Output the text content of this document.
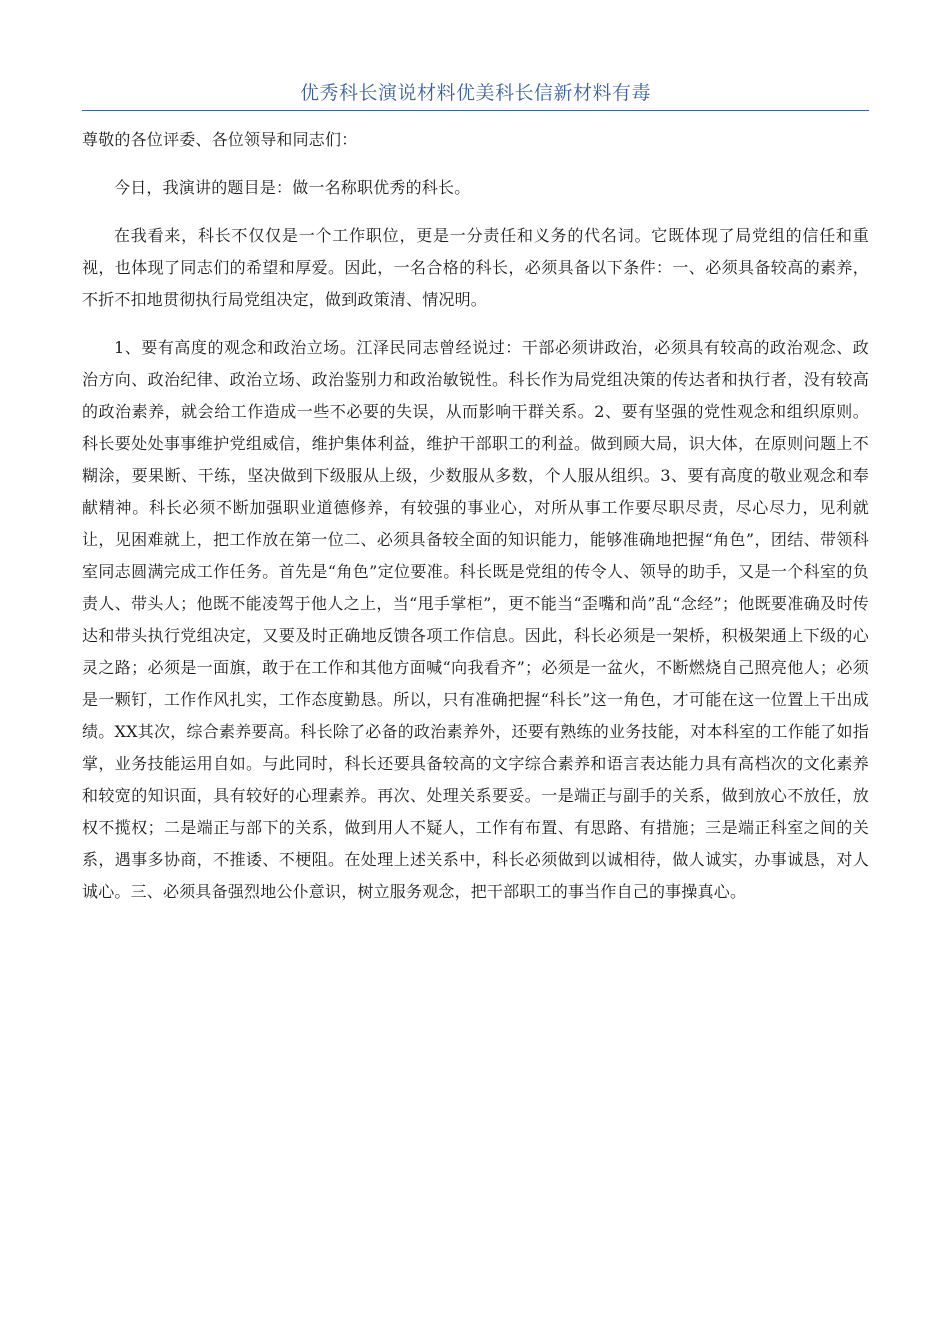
优秀科长演说材料优美科长信新材料有毒

尊敬的各位评委、各位领导和同志们：

今日，我演讲的题目是：做一名称职优秀的科长。

在我看来，科长不仅仅是一个工作职位，更是一分责任和义务的代名词。它既体现了局党组的信任和重视，也体现了同志们的希望和厚爱。因此，一名合格的科长，必须具备以下条件：一、必须具备较高的素养，不折不扣地贯彻执行局党组决定，做到政策清、情况明。

1、要有高度的观念和政治立场。江泽民同志曾经说过：干部必须讲政治，必须具有较高的政治观念、政治方向、政治纪律、政治立场、政治鉴别力和政治敏锐性。科长作为局党组决策的传达者和执行者，没有较高的政治素养，就会给工作造成一些不必要的失误，从而影响干群关系。2、要有坚强的党性观念和组织原则。科长要处处事事维护党组威信，维护集体利益，维护干部职工的利益。做到顾大局，识大体，在原则问题上不糊涂，要果断、干练，坚决做到下级服从上级，少数服从多数，个人服从组织。3、要有高度的敬业观念和奉献精神。科长必须不断加强职业道德修养，有较强的事业心，对所从事工作要尽职尽责，尽心尽力，见利就让，见困难就上，把工作放在第一位二、必须具备较全面的知识能力，能够准确地把握“角色”，团结、带领科室同志圆满完成工作任务。首先是“角色”定位要准。科长既是党组的传令人、领导的助手，又是一个科室的负责人、带头人；他既不能凌驾于他人之上，当“甩手掌柜”，更不能当“歪嘴和尚”乱“念经”；他既要准确及时传达和带头执行党组决定，又要及时正确地反馈各项工作信息。因此，科长必须是一架桥，积极架通上下级的心灵之路；必须是一面旗，敢于在工作和其他方面喊“向我看齐”；必须是一盆火，不断燃烧自己照亮他人；必须是一颗钉，工作作风扎实，工作态度勤恳。所以，只有准确把握“科长”这一角色，才可能在这一位置上干出成绩。XX其次，综合素养要高。科长除了必备的政治素养外，还要有熟练的业务技能，对本科室的工作能了如指掌，业务技能运用自如。与此同时，科长还要具备较高的文字综合素养和语言表达能力具有高档次的文化素养和较宽的知识面，具有较好的心理素养。再次、处理关系要妥。一是端正与副手的关系，做到放心不放任，放权不揽权；二是端正与部下的关系，做到用人不疑人，工作有布置、有思路、有措施；三是端正科室之间的关系，遇事多协商，不推诿、不梗阻。在处理上述关系中，科长必须做到以诚相待，做人诚实，办事诚恳，对人诚心。三、必须具备强烈地公仆意识，树立服务观念，把干部职工的事当作自己的事操真心。
